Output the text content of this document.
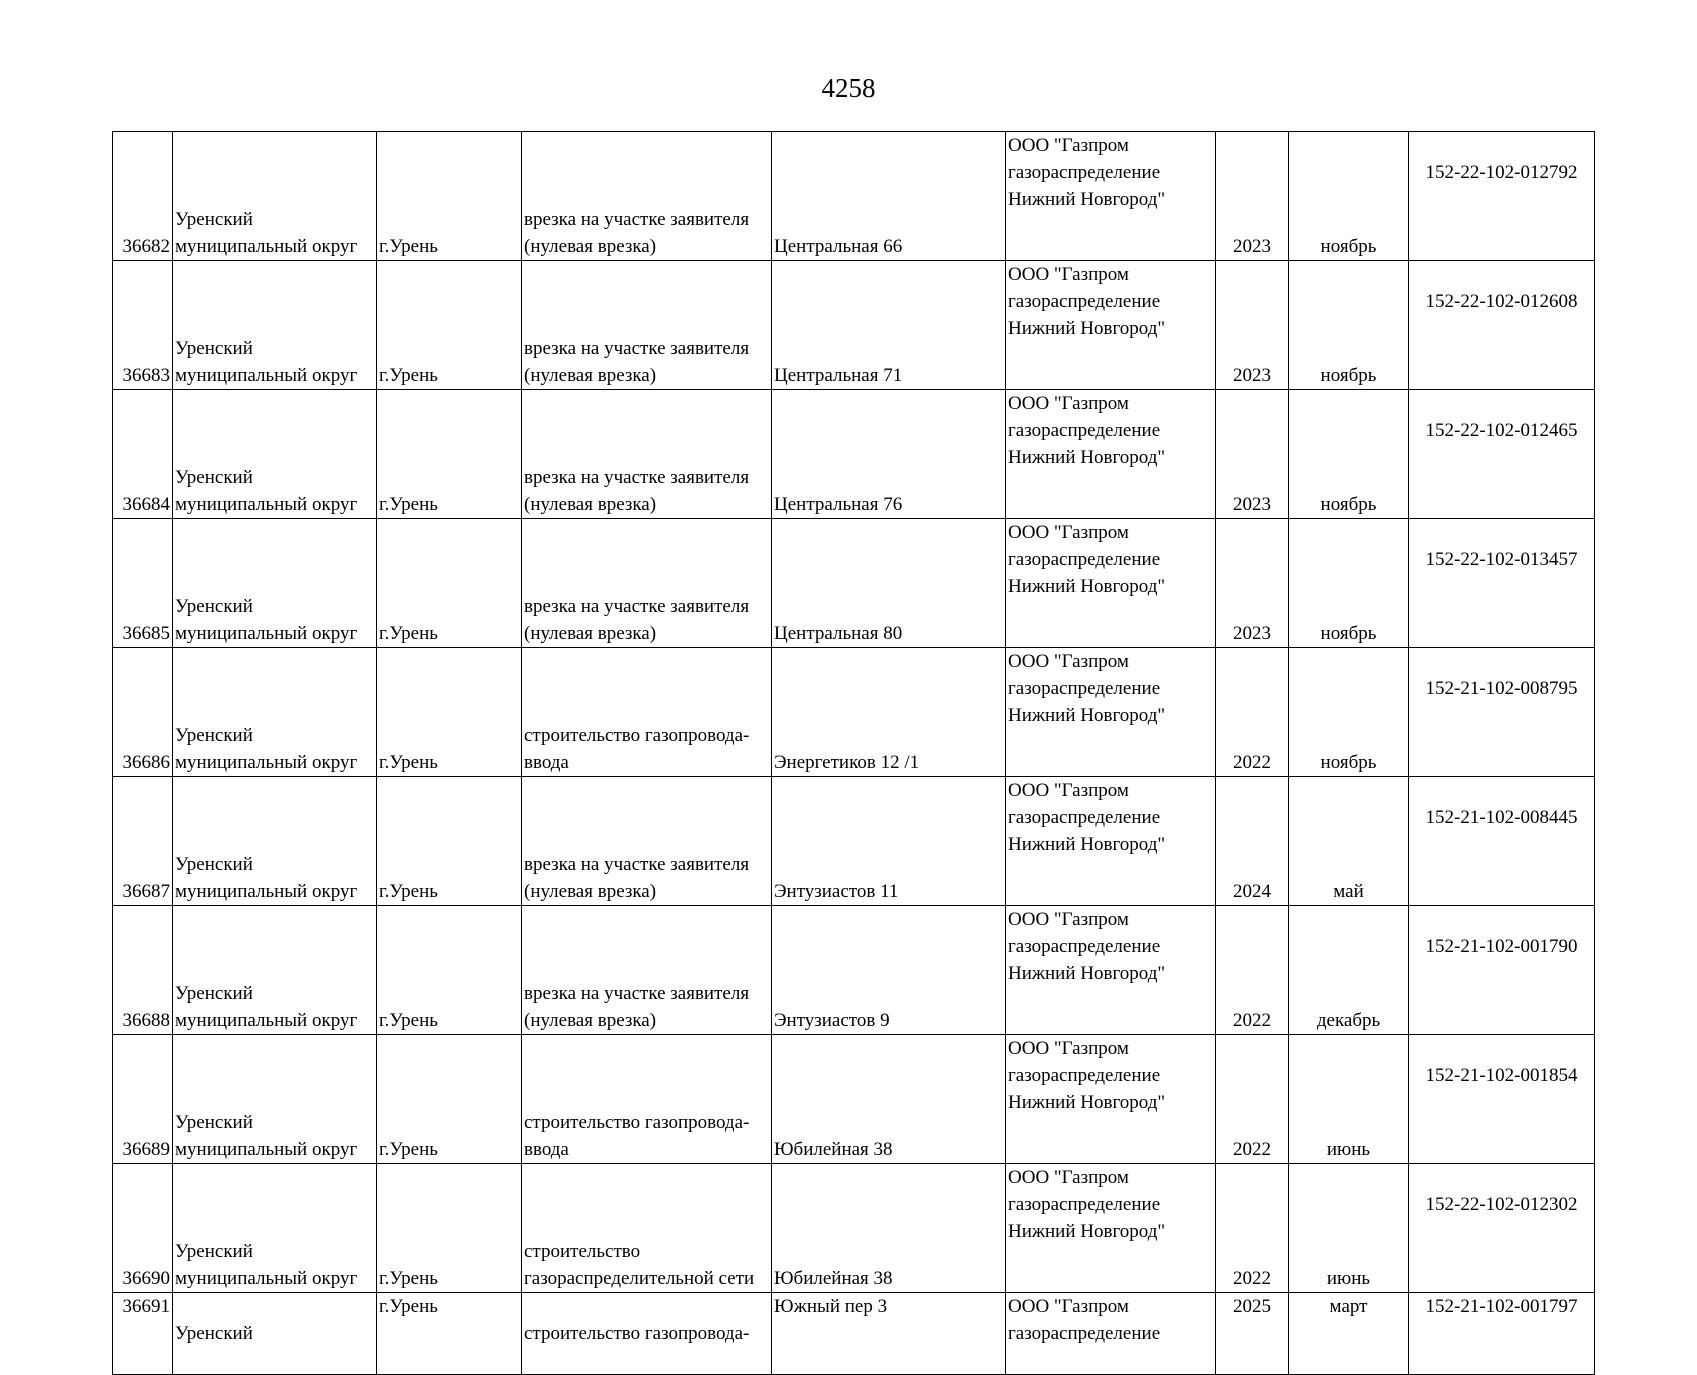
4258
36682	Уренский
муниципальный округ	г.Урень	врезка на участке заявителя
(нулевая врезка)	Центральная 66	ООО "Газпром
газораспределение
Нижний Новгород"	2023	ноябрь	152-22-102-012792
36683	Уренский
муниципальный округ	г.Урень	врезка на участке заявителя
(нулевая врезка)	Центральная 71	ООО "Газпром
газораспределение
Нижний Новгород"	2023	ноябрь	152-22-102-012608
36684	Уренский
муниципальный округ	г.Урень	врезка на участке заявителя
(нулевая врезка)	Центральная 76	ООО "Газпром
газораспределение
Нижний Новгород"	2023	ноябрь	152-22-102-012465
36685	Уренский
муниципальный округ	г.Урень	врезка на участке заявителя
(нулевая врезка)	Центральная 80	ООО "Газпром
газораспределение
Нижний Новгород"	2023	ноябрь	152-22-102-013457
36686	Уренский
муниципальный округ	г.Урень	строительство газопровода-
ввода	Энергетиков 12 /1	ООО "Газпром
газораспределение
Нижний Новгород"	2022	ноябрь	152-21-102-008795
36687	Уренский
муниципальный округ	г.Урень	врезка на участке заявителя
(нулевая врезка)	Энтузиастов 11	ООО "Газпром
газораспределение
Нижний Новгород"	2024	май	152-21-102-008445
36688	Уренский
муниципальный округ	г.Урень	врезка на участке заявителя
(нулевая врезка)	Энтузиастов 9	ООО "Газпром
газораспределение
Нижний Новгород"	2022	декабрь	152-21-102-001790
36689	Уренский
муниципальный округ	г.Урень	строительство газопровода-
ввода	Юбилейная 38	ООО "Газпром
газораспределение
Нижний Новгород"	2022	июнь	152-21-102-001854
36690	Уренский
муниципальный округ	г.Урень	строительство
газораспределительной сети	Юбилейная 38	ООО "Газпром
газораспределение
Нижний Новгород"	2022	июнь	152-22-102-012302
36691	Уренский	г.Урень	строительство газопровода-	Южный пер 3	ООО "Газпром
газораспределение	2025	март	152-21-102-001797
